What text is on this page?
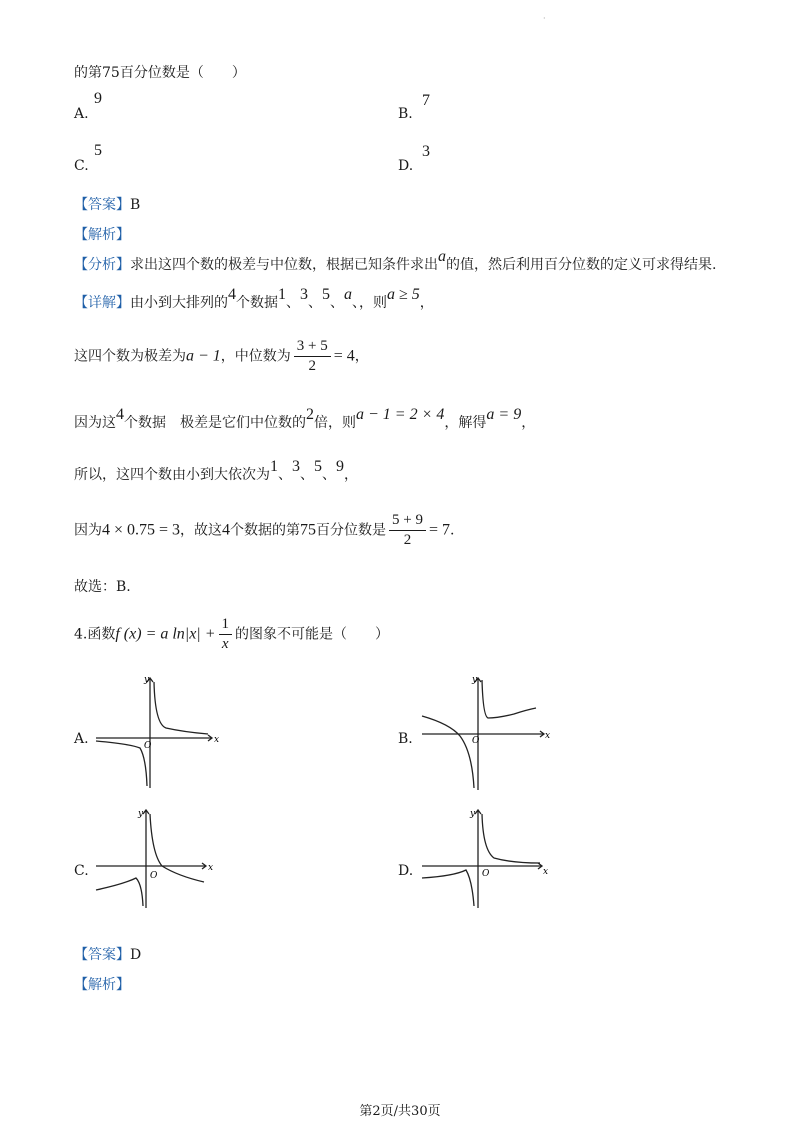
·
的第75百分位数是（　　）
A.
9
B.
7
C.
5
D.
3
【答案】B
【解析】
【分析】求出这四个数的极差与中位数，根据已知条件求出a的值，然后利用百分位数的定义可求得结果.
【详解】由小到大排列的4个数据1、3、5、a、，则a ≥ 5，
这四个数为极差为a − 1，中位数为 $\frac{3 + 5}{2} = 4$，
因为这4个数据　极差是它们中位数的2倍，则a − 1 = 2 × 4，解得a = 9，
所以，这四个数由小到大依次为1、3、5、9，
因为4 × 0.75 = 3，故这4个数据的第75百分位数是 $\frac{5 + 9}{2} = 7$.
故选：B.
4.函数f (x) = a $\ln|x| + \frac{1}{x}$ 的图象不可能是（　　）
A.	B.
C.	D.
y
x
O
y
x
O
y
x
O
y
x
O
【答案】D
【解析】
第2页/共30页
